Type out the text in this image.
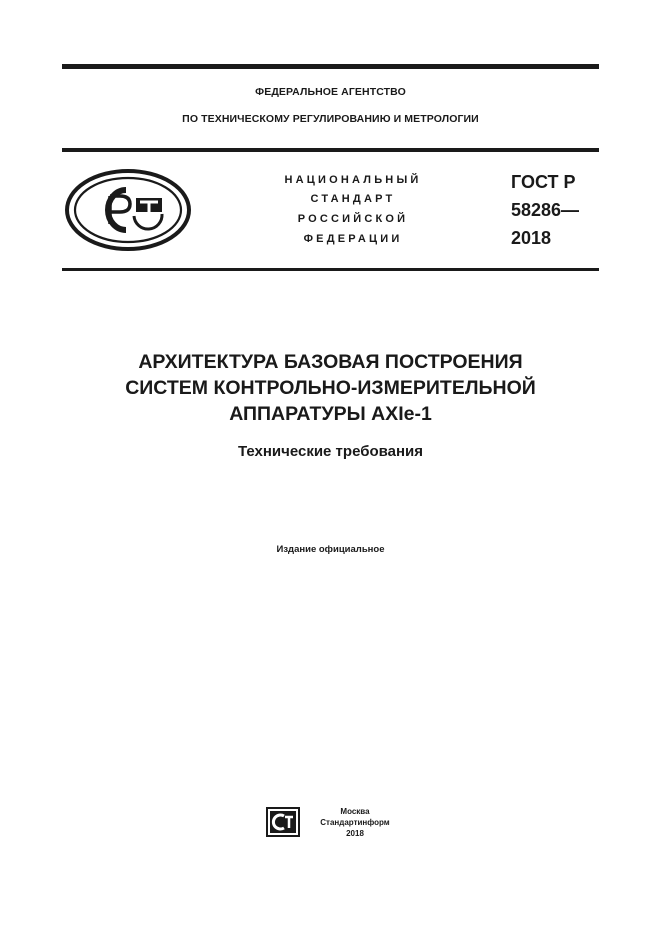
ФЕДЕРАЛЬНОЕ АГЕНТСТВО
ПО ТЕХНИЧЕСКОМУ РЕГУЛИРОВАНИЮ И МЕТРОЛОГИИ
НАЦИОНАЛЬНЫЙ
СТАНДАРТ
РОССИЙСКОЙ
ФЕДЕРАЦИИ
ГОСТ Р
58286—
2018
АРХИТЕКТУРА БАЗОВАЯ ПОСТРОЕНИЯ
СИСТЕМ КОНТРОЛЬНО-ИЗМЕРИТЕЛЬНОЙ
АППАРАТУРЫ AXIe-1
Технические требования
Издание официальное
Москва
Стандартинформ
2018
